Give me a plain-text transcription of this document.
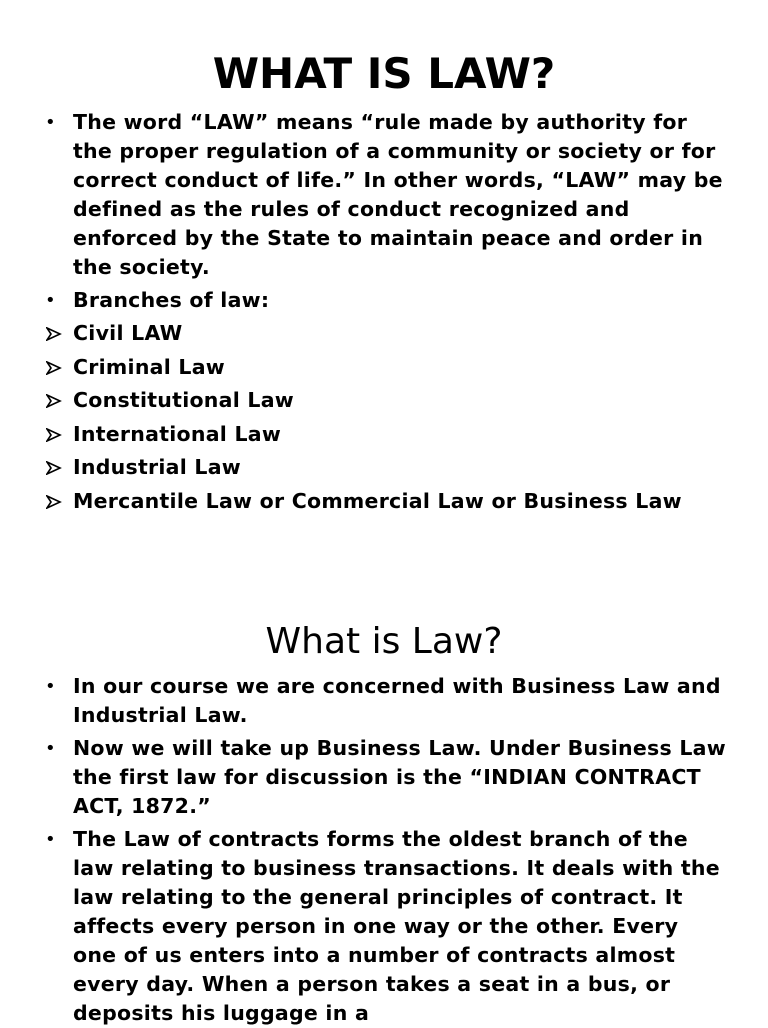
WHAT IS LAW?
• The word “LAW” means “rule made by authority for the proper regulation of a community or society or for correct conduct of life.” In other words, “LAW” may be defined as the rules of conduct recognized and enforced by the State to maintain peace and order in the society.
• Branches of law:
Civil LAW
Criminal Law
Constitutional Law
International Law
Industrial Law
Mercantile Law or Commercial Law or Business Law
What is Law?
• In our course we are concerned with Business Law and Industrial Law.
• Now we will take up Business Law. Under Business Law the first law for discussion is the “INDIAN CONTRACT ACT, 1872.”
• The Law of contracts forms the oldest branch of the law relating to business transactions. It deals with the law relating to the general principles of contract. It affects every person in one way or the other. Every one of us enters into a number of contracts almost every day. When a person takes a seat in a bus, or deposits his luggage in a
